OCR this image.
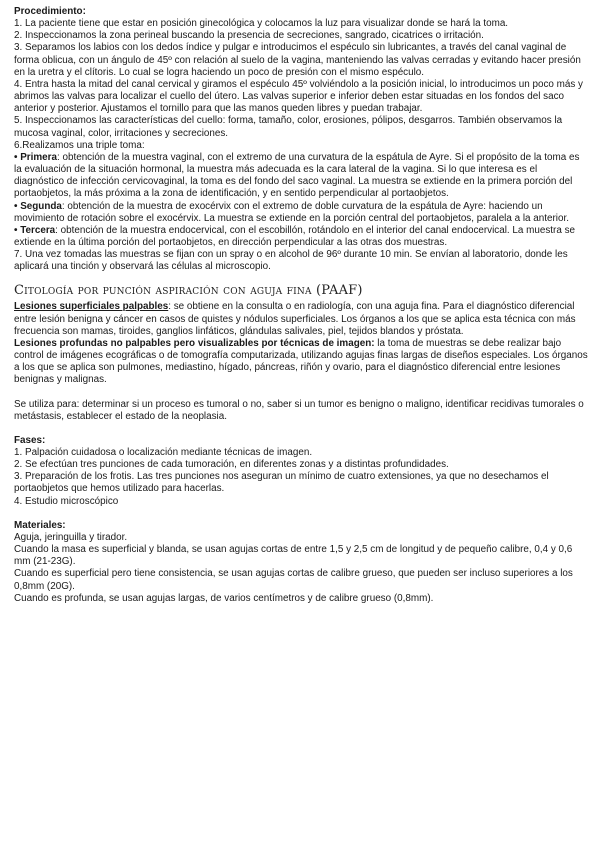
Procedimiento:

1. La paciente tiene que estar en posición ginecológica y colocamos la luz para visualizar donde se hará la toma.

2. Inspeccionamos la zona perineal buscando la presencia de secreciones, sangrado, cicatrices o irritación.

3. Separamos los labios con los dedos índice y pulgar e introducimos el espéculo sin lubricantes, a través del canal vaginal de forma oblicua, con un ángulo de 45º con relación al suelo de la vagina, manteniendo las valvas cerradas y evitando hacer presión en la uretra y el clítoris. Lo cual se logra haciendo un poco de presión con el mismo espéculo.

4. Entra hasta la mitad del canal cervical y giramos el espéculo 45º volviéndolo a la posición inicial, lo introducimos un poco más y abrimos las valvas para localizar el cuello del útero. Las valvas superior e inferior deben estar situadas en los fondos del saco anterior y posterior. Ajustamos el tornillo para que las manos queden libres y puedan trabajar.

5. Inspeccionamos las características del cuello: forma, tamaño, color, erosiones, pólipos, desgarros. También observamos la mucosa vaginal, color, irritaciones y secreciones.

6.Realizamos una triple toma:

• Primera: obtención de la muestra vaginal, con el extremo de una curvatura de la espátula de Ayre. Si el propósito de la toma es la evaluación de la situación hormonal, la muestra más adecuada es la cara lateral de la vagina. Si lo que interesa es el diagnóstico de infección cervicovaginal, la toma es del fondo del saco vaginal. La muestra se extiende en la primera porción del portaobjetos, la más próxima a la zona de identificación, y en sentido perpendicular al portaobjetos.

• Segunda: obtención de la muestra de exocérvix con el extremo de doble curvatura de la espátula de Ayre: haciendo un movimiento de rotación sobre el exocérvix. La muestra se extiende en la porción central del portaobjetos, paralela a la anterior.

• Tercera: obtención de la muestra endocervical, con el escobillón, rotándolo en el interior del canal endocervical. La muestra se extiende en la última porción del portaobjetos, en dirección perpendicular a las otras dos muestras.

7. Una vez tomadas las muestras se fijan con un spray o en alcohol de 96º durante 10 min. Se envían al laboratorio, donde les aplicará una tinción y observará las células al microscopio.

Citología por punción aspiración con aguja fina (PAAF)

Lesiones superficiales palpables: se obtiene en la consulta o en radiología, con una aguja fina. Para el diagnóstico diferencial entre lesión benigna y cáncer en casos de quistes y nódulos superficiales. Los órganos a los que se aplica esta técnica con más frecuencia son mamas, tiroides, ganglios linfáticos, glándulas salivales, piel, tejidos blandos y próstata.

Lesiones profundas no palpables pero visualizables por técnicas de imagen: la toma de muestras se debe realizar bajo control de imágenes ecográficas o de tomografía computarizada, utilizando agujas finas largas de diseños especiales. Los órganos a los que se aplica son pulmones, mediastino, hígado, páncreas, riñón y ovario, para el diagnóstico diferencial entre lesiones benignas y malignas.

Se utiliza para: determinar si un proceso es tumoral o no, saber si un tumor es benigno o maligno, identificar recidivas tumorales o metástasis, establecer el estado de la neoplasia.

Fases:

1. Palpación cuidadosa o localización mediante técnicas de imagen.

2. Se efectúan tres punciones de cada tumoración, en diferentes zonas y a distintas profundidades.

3. Preparación de los frotis. Las tres punciones nos aseguran un mínimo de cuatro extensiones, ya que no desechamos el portaobjetos que hemos utilizado para hacerlas.

4. Estudio microscópico

Materiales:

Aguja, jeringuilla y tirador.

Cuando la masa es superficial y blanda, se usan agujas cortas de entre 1,5 y 2,5 cm de longitud y de pequeño calibre, 0,4 y 0,6 mm (21-23G).

Cuando es superficial pero tiene consistencia, se usan agujas cortas de calibre grueso, que pueden ser incluso superiores a los 0,8mm (20G).

Cuando es profunda, se usan agujas largas, de varios centímetros y de calibre grueso (0,8mm).
